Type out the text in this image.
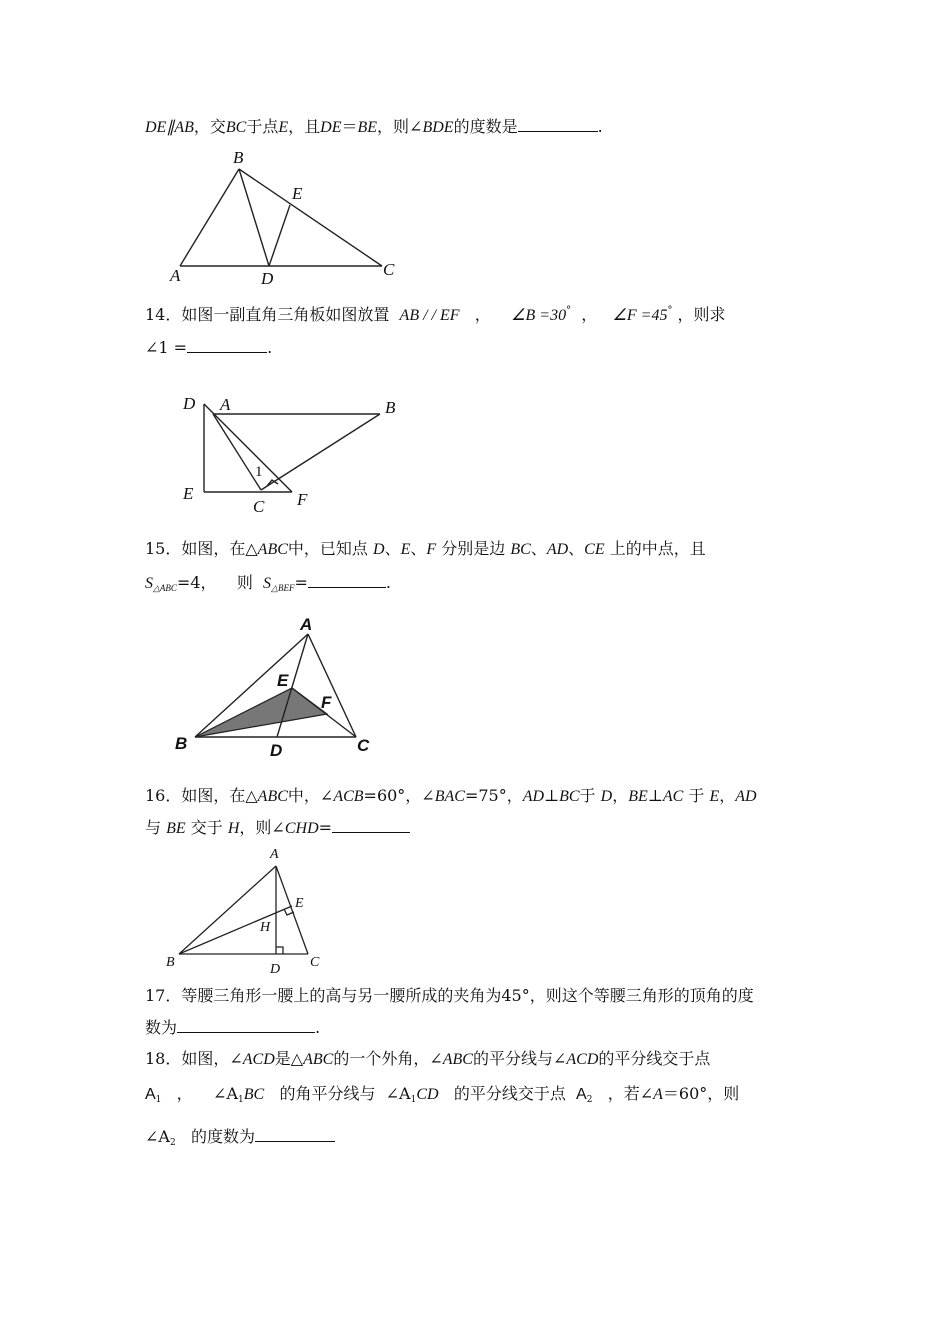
DE∥AB，交BC于点E，且DE＝BE，则∠BDE的度数是	.
B
E
A	D	C
14．如图一副直角三角板如图放置 AB / / EF ， ∠B =30° ， ∠F =45° ，则求
∠1 =	.
D A	B
E
C F
1
15．如图，在△ABC中，已知点 D、E、F 分别是边 BC、AD、CE 上的中点，且
$S_{\triangle ABC}=4$， 则 $S_{\triangle BEF}=$	.
A
E
F
B	D	C
16．如图，在△ABC中，∠ACB=60°，∠BAC=75°，AD⊥BC于 D，BE⊥AC 于 E，AD
与 BE 交于 H，则∠CHD=
A
E
H
B	D C
17．等腰三角形一腰上的高与另一腰所成的夹角为45°，则这个等腰三角形的顶角的度
数为	.
18．如图，∠ACD是△ABC的一个外角，∠ABC的平分线与∠ACD的平分线交于点
$A_1$ ， $\angle A_1BC$ 的角平分线与 $\angle A_1CD$ 的平分线交于点 $A_2$ ，若∠A＝60°，则
$\angle A_2$ 的度数为
